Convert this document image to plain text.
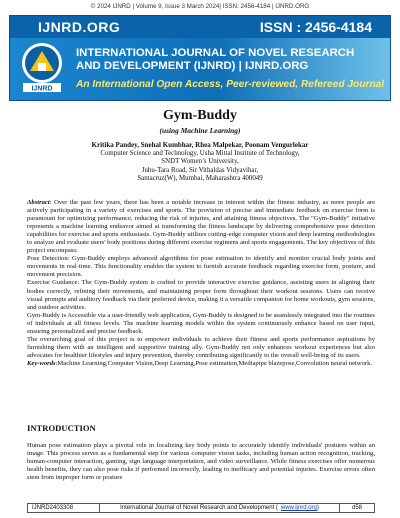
© 2024 IJNRD | Volume 9, Issue 3 March 2024| ISSN: 2456-4184 | IJNRD.ORG
IJNRD.ORG	ISSN : 2456-4184
IJNRD
INTERNATIONAL JOURNAL OF NOVEL RESEARCH
AND DEVELOPMENT (IJNRD) | IJNRD.ORG
An International Open Access, Peer-reviewed, Refereed Journal
Gym-Buddy
(using Machine Learning)
Kritika Pandey, Snehal Kumbhar, Rhea Malpekar, Poonam Vengurlekar
Computer Science and Technology, Usha Mittal Institute of Technology,
SNDT Women’s University,
Juhu-Tara Road, Sir Vithaldas Vidyavihar,
Santacruz(W), Mumbai, Maharashtra 400049

Abstract: Over the past few years, there has been a notable increase in interest within the fitness industry, as more people are actively participating in a variety of exercises and sports. The provision of precise and immediate feedback on exercise form is paramount for optimizing performance, reducing the risk of injuries, and attaining fitness objectives. The "Gym-Buddy" initiative represents a machine learning endeavor aimed at transforming the fitness landscape by delivering comprehensive pose detection capabilities for exercise and sports enthusiasts. Gym-Buddy utilizes cutting-edge computer vision and deep learning methodologies to analyze and evaluate users' body positions during different exercise regimens and sports engagements. The key objectives of this project encompass:

Pose Detection: Gym-Buddy employs advanced algorithms for pose estimation to identify and monitor crucial body joints and movements in real-time. This functionality enables the system to furnish accurate feedback regarding exercise form, posture, and movement precision.

Exercise Guidance: The Gym-Buddy system is crafted to provide interactive exercise guidance, assisting users in aligning their bodies correctly, refining their movements, and maintaining proper form throughout their workout sessions. Users can receive visual prompts and auditory feedback via their preferred device, making it a versatile companion for home workouts, gym sessions, and outdoor activities.

Gym-Buddy is Accessible via a user-friendly web application, Gym-Buddy is designed to be seamlessly integrated into the routines of individuals at all fitness levels. The machine learning models within the system continuously enhance based on user input, ensuring personalized and precise feedback.

The overarching goal of this project is to empower individuals to achieve their fitness and sports performance aspirations by furnishing them with an intelligent and supportive training ally. Gym-Buddy not only enhances workout experiences but also advocates for healthier lifestyles and injury prevention, thereby contributing significantly to the overall well-being of its users.

Key-words:Machine Learning,Computer Vision,Deep Learning,Pose estimation,Mediapipe blazepose,Convolution neural network.

INTRODUCTION
Human pose estimation plays a pivotal role in localizing key body points to accurately identify individuals' postures within an image. This process serves as a fundamental step for various computer vision tasks, including human action recognition, tracking, human-computer interaction, gaming, sign language interpretation, and video surveillance. While fitness exercises offer numerous health benefits, they can also pose risks if performed incorrectly, leading to inefficacy and potential injuries. Exercise errors often stem from improper form or posture
IJNRD2403308	International Journal of Novel Research and Development ( www.ijnrd.org )	d58
